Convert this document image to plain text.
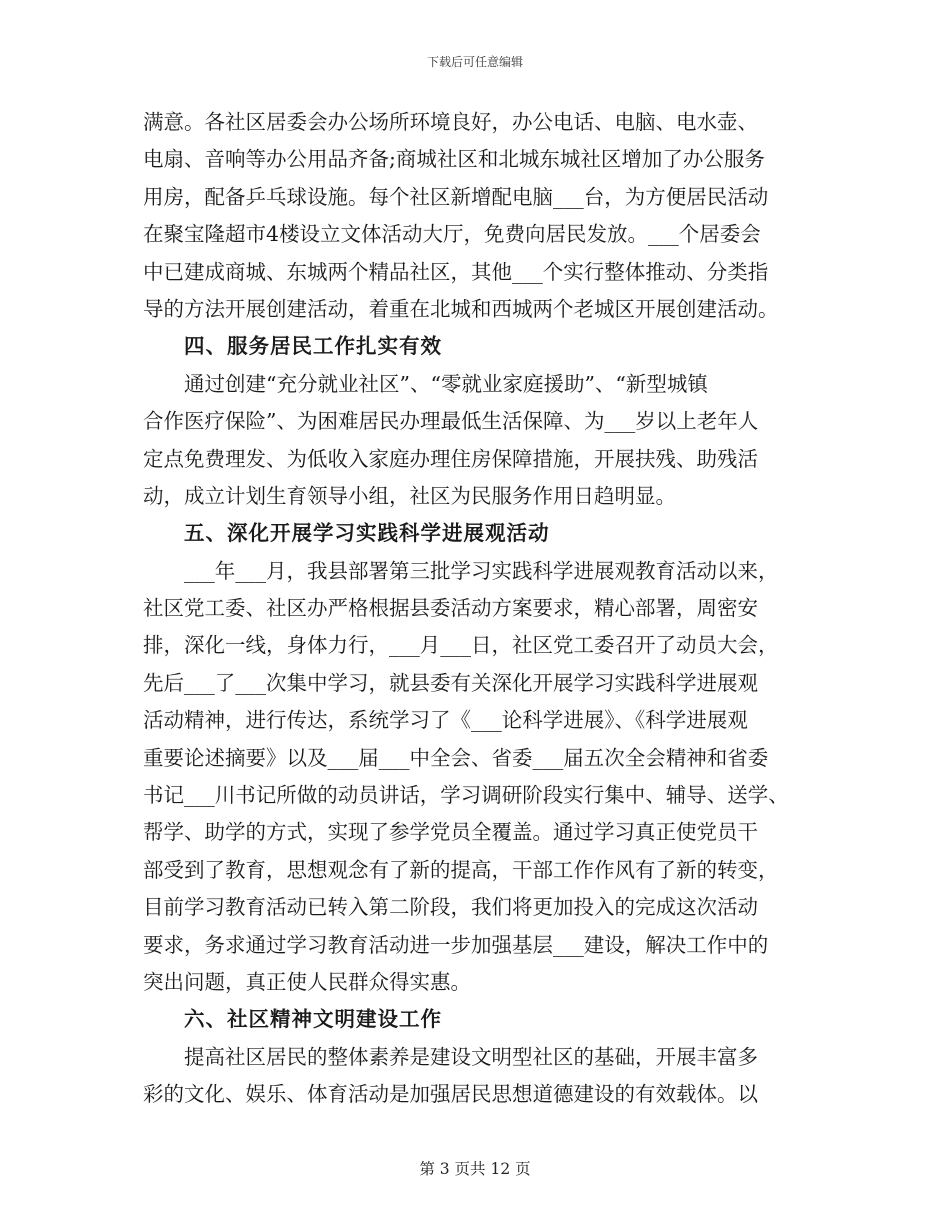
下载后可任意编辑
满意。各社区居委会办公场所环境良好，办公电话、电脑、电水壶、
电扇、音响等办公用品齐备;商城社区和北城东城社区增加了办公服务
用房，配备乒乓球设施。每个社区新增配电脑___台，为方便居民活动
在聚宝隆超市4楼设立文体活动大厅，免费向居民发放。___个居委会
中已建成商城、东城两个精品社区，其他___个实行整体推动、分类指
导的方法开展创建活动，着重在北城和西城两个老城区开展创建活动。
四、服务居民工作扎实有效
通过创建“充分就业社区”、“零就业家庭援助”、“新型城镇
合作医疗保险”、为困难居民办理最低生活保障、为___岁以上老年人
定点免费理发、为低收入家庭办理住房保障措施，开展扶残、助残活
动，成立计划生育领导小组，社区为民服务作用日趋明显。
五、深化开展学习实践科学进展观活动
___年___月，我县部署第三批学习实践科学进展观教育活动以来，
社区党工委、社区办严格根据县委活动方案要求，精心部署，周密安
排，深化一线，身体力行，___月___日，社区党工委召开了动员大会，
先后___了___次集中学习，就县委有关深化开展学习实践科学进展观
活动精神，进行传达，系统学习了《___论科学进展》、《科学进展观
重要论述摘要》以及___届___中全会、省委___届五次全会精神和省委
书记___川书记所做的动员讲话，学习调研阶段实行集中、辅导、送学、
帮学、助学的方式，实现了参学党员全覆盖。通过学习真正使党员干
部受到了教育，思想观念有了新的提高，干部工作作风有了新的转变，
目前学习教育活动已转入第二阶段，我们将更加投入的完成这次活动
要求，务求通过学习教育活动进一步加强基层___建设，解决工作中的
突出问题，真正使人民群众得实惠。
六、社区精神文明建设工作
提高社区居民的整体素养是建设文明型社区的基础，开展丰富多
彩的文化、娱乐、体育活动是加强居民思想道德建设的有效载体。以
第 3 页共 12 页
